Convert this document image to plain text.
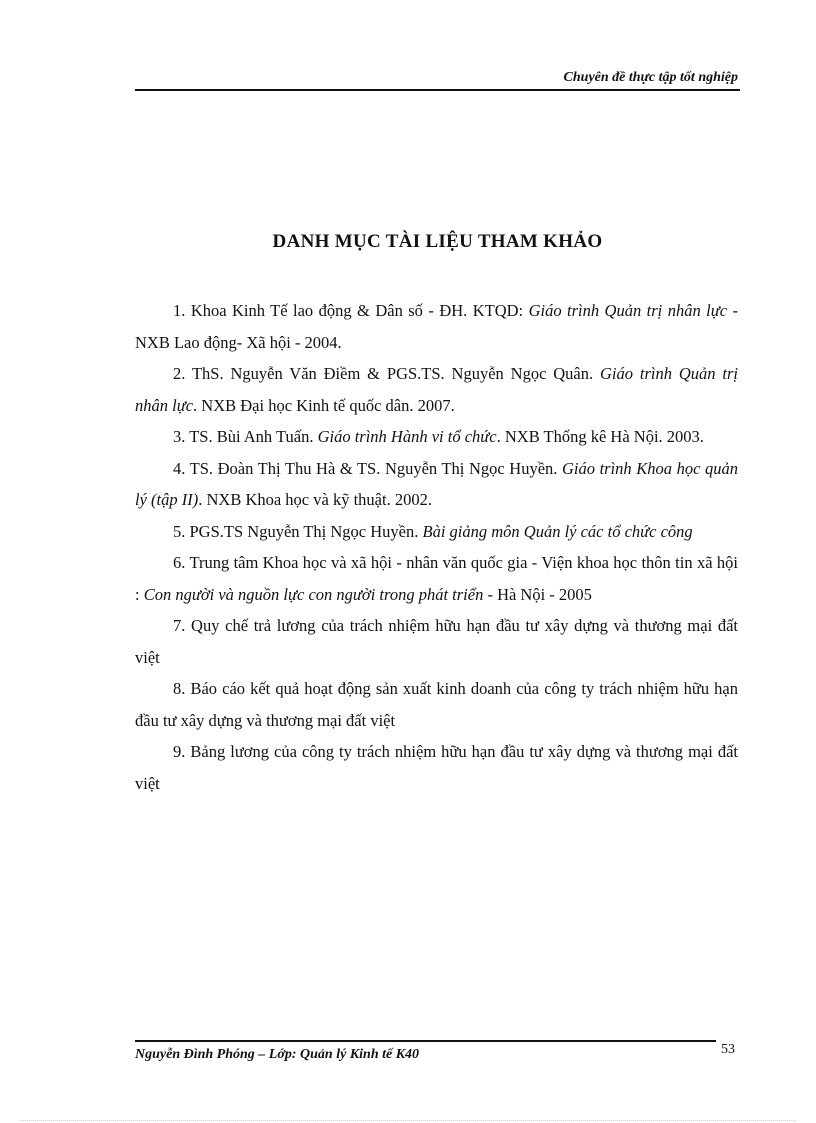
Chuyên đề thực tập tốt nghiệp
DANH MỤC TÀI LIỆU THAM KHẢO

1. Khoa Kinh Tế lao động & Dân số - ĐH. KTQD: Giáo trình Quản trị nhân lực - NXB Lao động- Xã hội - 2004.

2. ThS. Nguyễn Văn Điềm & PGS.TS. Nguyễn Ngọc Quân. Giáo trình Quản trị nhân lực. NXB Đại học Kinh tế quốc dân. 2007.

3. TS. Bùi Anh Tuấn. Giáo trình Hành vi tổ chức. NXB Thống kê Hà Nội. 2003.

4. TS. Đoàn Thị Thu Hà & TS. Nguyễn Thị Ngọc Huyền. Giáo trình Khoa học quản lý (tập II). NXB Khoa học và kỹ thuật. 2002.

5. PGS.TS Nguyễn Thị Ngọc Huyền. Bài giảng môn Quản lý các tổ chức công

6. Trung tâm Khoa học và xã hội - nhân văn quốc gia - Viện khoa học thôn tin xã hội : Con người và nguồn lực con người trong phát triển - Hà Nội - 2005

7. Quy chế trả lương của trách nhiệm hữu hạn đầu tư xây dựng và thương mại đất việt

8. Báo cáo kết quả hoạt động sản xuất kinh doanh của công ty trách nhiệm hữu hạn đầu tư xây dựng và thương mại đất việt

9. Bảng lương của công ty trách nhiệm hữu hạn đầu tư xây dựng và thương mại đất việt

Nguyễn Đình Phóng – Lớp: Quản lý Kinh tế K40	53
